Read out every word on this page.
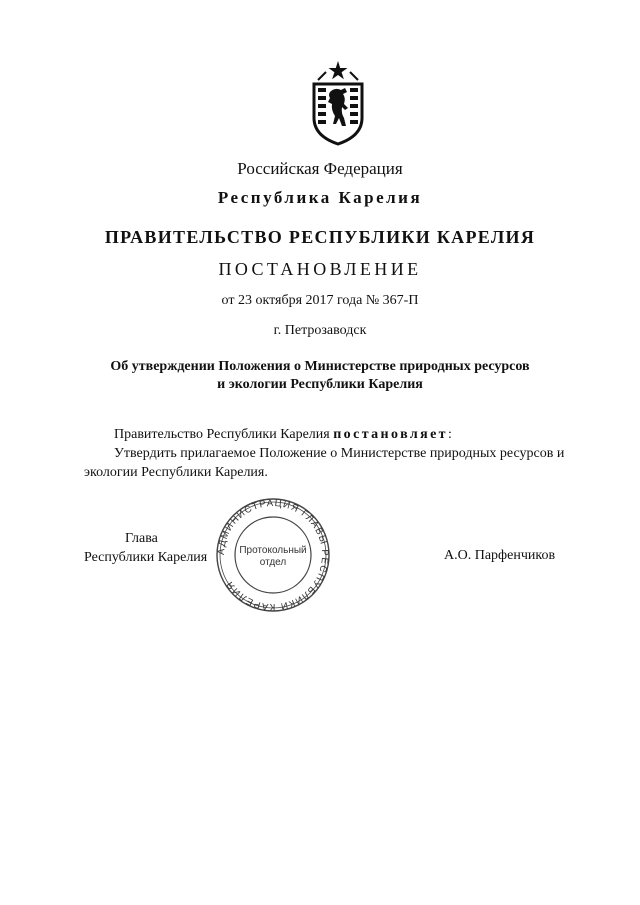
Российская Федерация
Республика Карелия
ПРАВИТЕЛЬСТВО РЕСПУБЛИКИ КАРЕЛИЯ
ПОСТАНОВЛЕНИЕ
от 23 октября 2017 года № 367-П
г. Петрозаводск
Об утверждении Положения о Министерстве природных ресурсов
и экологии Республики Карелия

Правительство Республики Карелия постановляет:

Утвердить прилагаемое Положение о Министерстве природных ресурсов и экологии Республики Карелия.

Глава
Республики Карелия АДМИНИСТРАЦИЯ ГЛАВЫ РЕСПУБЛИКИ КАРЕЛИЯ
Протокольный
отдел	А.О. Парфенчиков
